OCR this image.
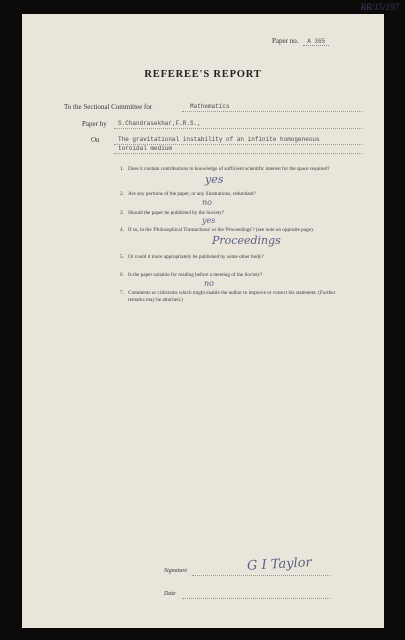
RR/15/197
Paper no. A 365
REFEREE'S REPORT
To the Sectional Committee for	Mathematics
Paper by S.Chandrasekhar,F.R.S.,
On	The gravitational instability of an infinite homogeneous
toroidal medium
1. Does it contain contributions to knowledge of sufficient scientific interest for the space required?
yes
2. Are any portions of the paper, or any illustrations, redundant?
no
3. Should the paper be published by the Society?
yes
4. If so, in the 'Philosophical Transactions' or the 'Proceedings'? (see note on opposite page).
Proceedings
5. Or could it more appropriately be published by some other body?
6. Is the paper suitable for reading before a meeting of the Society?
no
7. Comments or criticisms which might enable the author to improve or correct his statement. (Further remarks may be attached.)
Signature	G I Taylor
Date
